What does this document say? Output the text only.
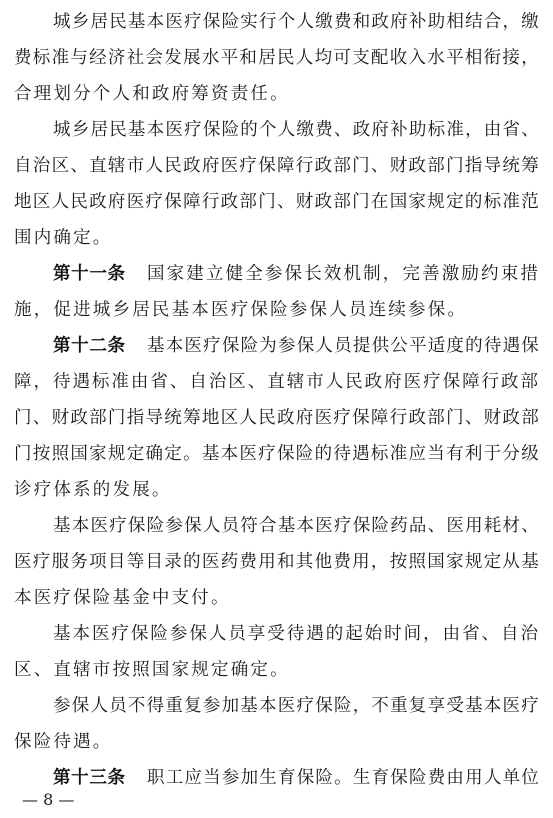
城乡居民基本医疗保险实行个人缴费和政府补助相结合，缴
费标准与经济社会发展水平和居民人均可支配收入水平相衔接，
合理划分个人和政府筹资责任。
城乡居民基本医疗保险的个人缴费、政府补助标准，由省、
自治区、直辖市人民政府医疗保障行政部门、财政部门指导统筹
地区人民政府医疗保障行政部门、财政部门在国家规定的标准范
围内确定。
第十一条 国家建立健全参保长效机制，完善激励约束措
施，促进城乡居民基本医疗保险参保人员连续参保。
第十二条 基本医疗保险为参保人员提供公平适度的待遇保
障，待遇标准由省、自治区、直辖市人民政府医疗保障行政部
门、财政部门指导统筹地区人民政府医疗保障行政部门、财政部
门按照国家规定确定。基本医疗保险的待遇标准应当有利于分级
诊疗体系的发展。
基本医疗保险参保人员符合基本医疗保险药品、医用耗材、
医疗服务项目等目录的医药费用和其他费用，按照国家规定从基
本医疗保险基金中支付。
基本医疗保险参保人员享受待遇的起始时间，由省、自治
区、直辖市按照国家规定确定。
参保人员不得重复参加基本医疗保险，不重复享受基本医疗
保险待遇。
第十三条 职工应当参加生育保险。生育保险费由用人单位
— 8 —
